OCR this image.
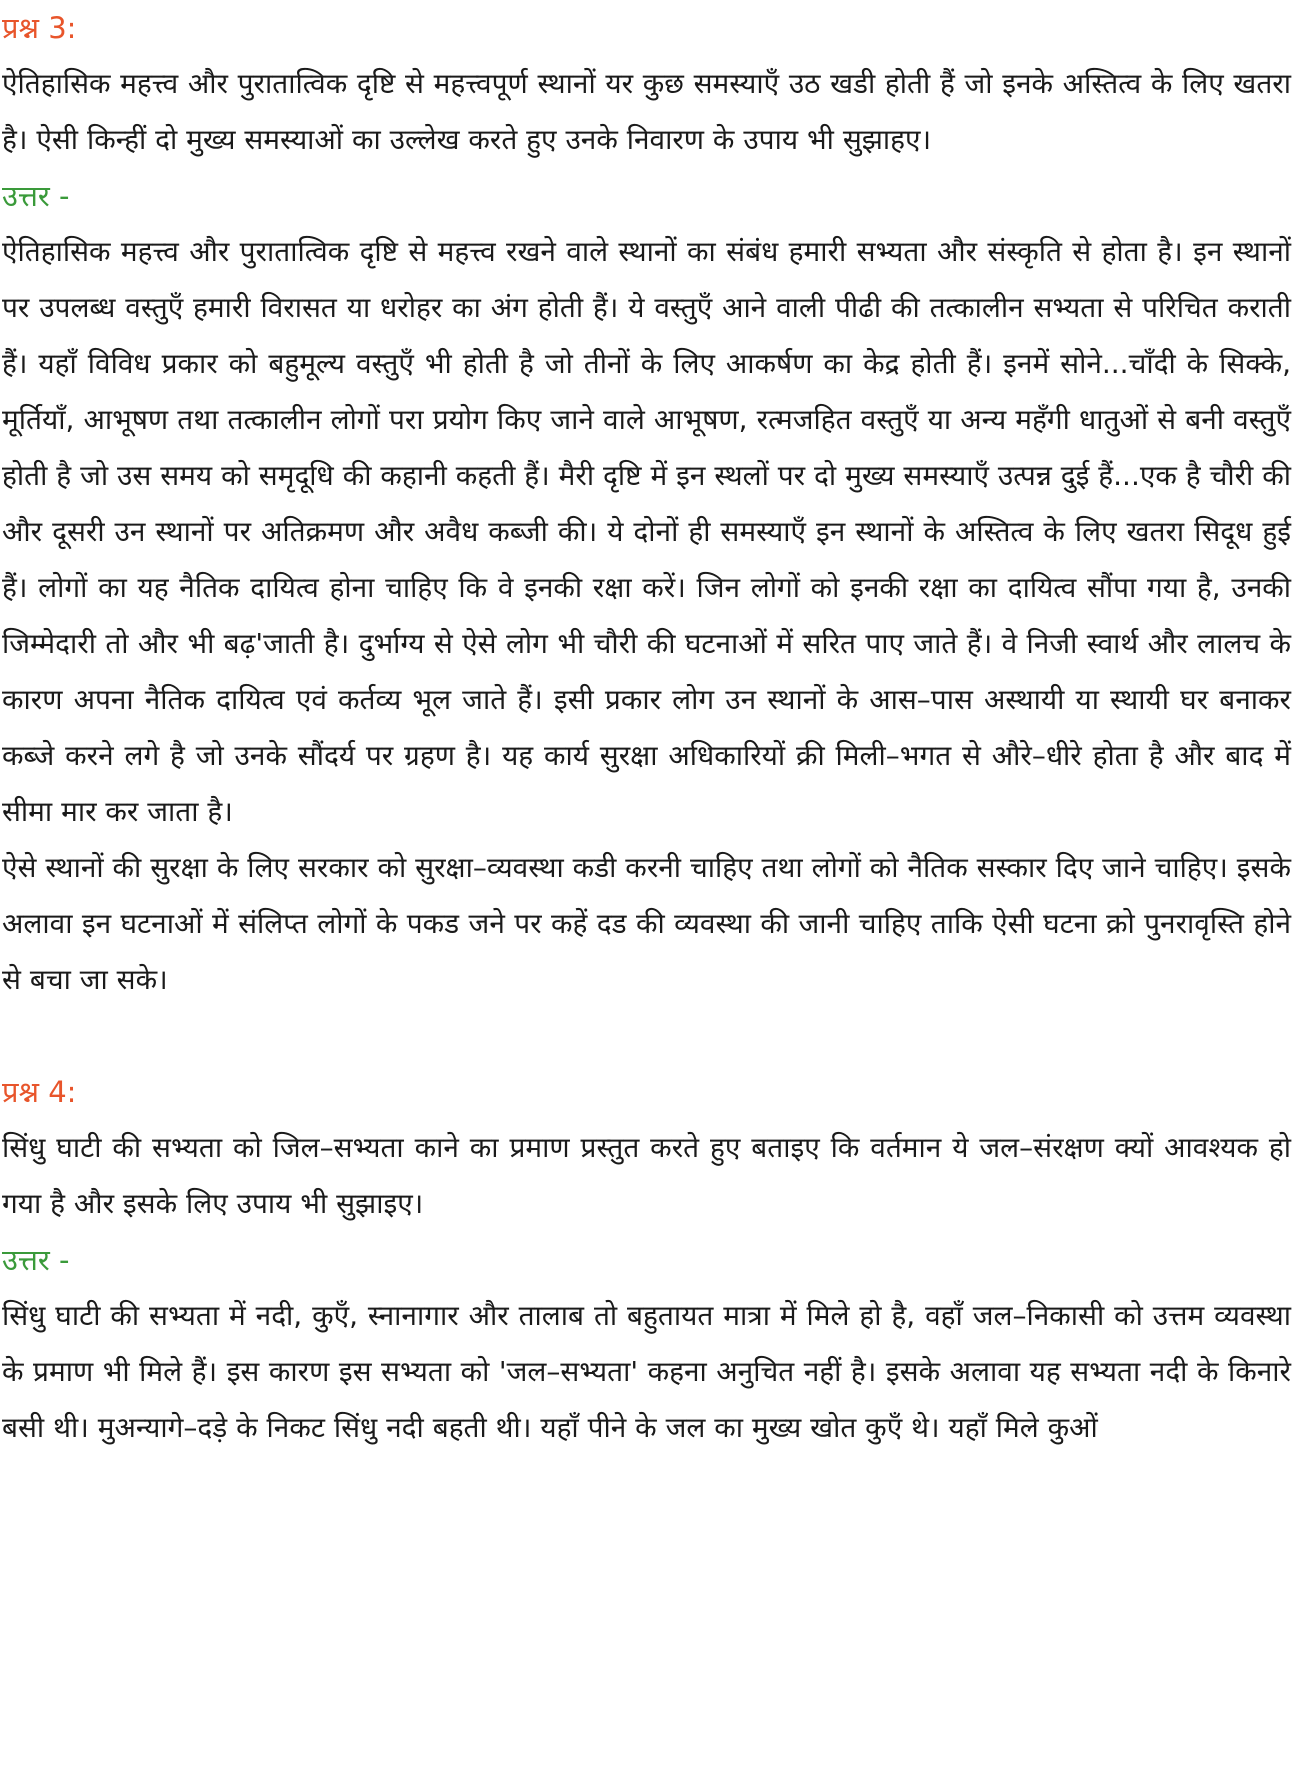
प्रश्न 3:

ऐतिहासिक महत्त्व और पुरातात्विक दृष्टि से महत्त्वपूर्ण स्थानों यर कुछ समस्याएँ उठ खडी होती हैं जो इनके अस्तित्व के लिए खतरा है। ऐसी किन्हीं दो मुख्य समस्याओं का उल्लेख करते हुए उनके निवारण के उपाय भी सुझाहए।

उत्तर -

ऐतिहासिक महत्त्व और पुरातात्विक दृष्टि से महत्त्व रखने वाले स्थानों का संबंध हमारी सभ्यता और संस्कृति से होता है। इन स्थानों पर उपलब्ध वस्तुएँ हमारी विरासत या धरोहर का अंग होती हैं। ये वस्तुएँ आने वाली पीढी की तत्कालीन सभ्यता से परिचित कराती हैं। यहाँ विविध प्रकार को बहुमूल्य वस्तुएँ भी होती है जो तीनों के लिए आकर्षण का केद्र होती हैं। इनमें सोने...चाँदी के सिक्के, मूर्तियाँ, आभूषण तथा तत्कालीन लोगों परा प्रयोग किए जाने वाले आभूषण, रत्मजहित वस्तुएँ या अन्य महँगी धातुओं से बनी वस्तुएँ होती है जो उस समय को समृदूधि की कहानी कहती हैं। मैरी दृष्टि में इन स्थलों पर दो मुख्य समस्याएँ उत्पन्न दुई हैं...एक है चौरी की और दूसरी उन स्थानों पर अतिक्रमण और अवैध कब्जी की। ये दोनों ही समस्याएँ इन स्थानों के अस्तित्व के लिए खतरा सिदूध हुई हैं। लोगों का यह नैतिक दायित्व होना चाहिए कि वे इनकी रक्षा करें। जिन लोगों को इनकी रक्षा का दायित्व सौंपा गया है, उनकी जिम्मेदारी तो और भी बढ़'जाती है। दुर्भाग्य से ऐसे लोग भी चौरी की घटनाओं में सरित पाए जाते हैं। वे निजी स्वार्थ और लालच के कारण अपना नैतिक दायित्व एवं कर्तव्य भूल जाते हैं। इसी प्रकार लोग उन स्थानों के आस–पास अस्थायी या स्थायी घर बनाकर कब्जे करने लगे है जो उनके सौंदर्य पर ग्रहण है। यह कार्य सुरक्षा अधिकारियों क्री मिली–भगत से औरे–धीरे होता है और बाद में सीमा मार कर जाता है।

ऐसे स्थानों की सुरक्षा के लिए सरकार को सुरक्षा–व्यवस्था कडी करनी चाहिए तथा लोगों को नैतिक सस्कार दिए जाने चाहिए। इसके अलावा इन घटनाओं में संलिप्त लोगों के पकड जने पर कहें दड की व्यवस्था की जानी चाहिए ताकि ऐसी घटना क्रो पुनरावृस्ति होने से बचा जा सके।

प्रश्न 4:

सिंधु घाटी की सभ्यता को जिल–सभ्यता काने का प्रमाण प्रस्तुत करते हुए बताइए कि वर्तमान ये जल–संरक्षण क्यों आवश्यक हो गया है और इसके लिए उपाय भी सुझाइए।

उत्तर -

सिंधु घाटी की सभ्यता में नदी, कुएँ, स्नानागार और तालाब तो बहुतायत मात्रा में मिले हो है, वहाँ जल–निकासी को उत्तम व्यवस्था के प्रमाण भी मिले हैं। इस कारण इस सभ्यता को 'जल–सभ्यता' कहना अनुचित नहीं है। इसके अलावा यह सभ्यता नदी के किनारे बसी थी। मुअन्यागे–दड़े के निकट सिंधु नदी बहती थी। यहाँ पीने के जल का मुख्य खोत कुएँ थे। यहाँ मिले कुओं
